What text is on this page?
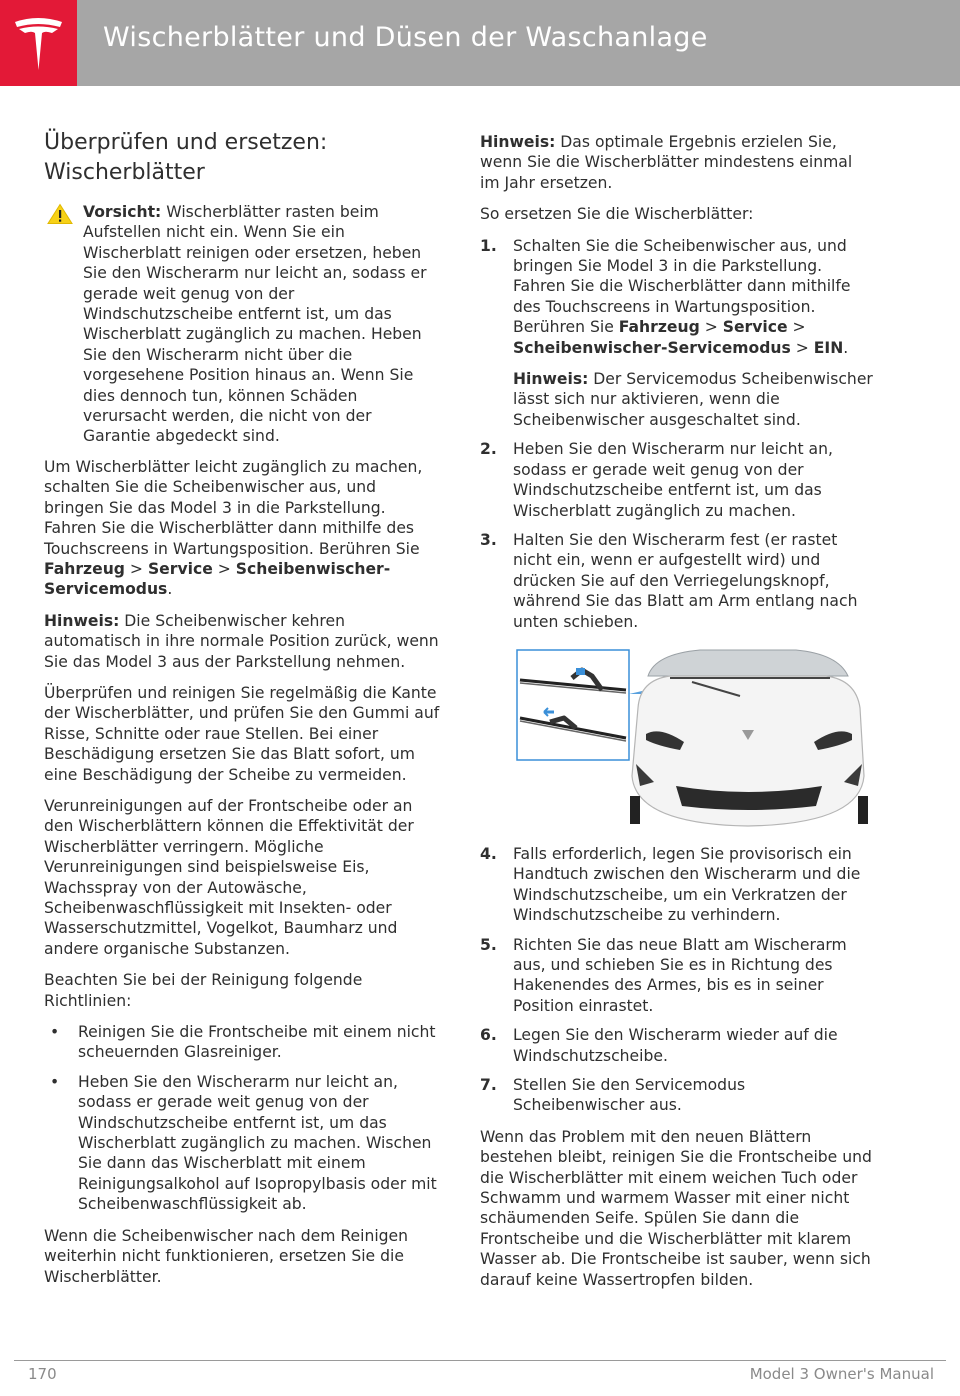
Wischerblätter und Düsen der Waschanlage
Überprüfen und ersetzen: Wischerblätter
Vorsicht: Wischerblätter rasten beim Aufstellen nicht ein. Wenn Sie ein Wischerblatt reinigen oder ersetzen, heben Sie den Wischerarm nur leicht an, sodass er gerade weit genug von der Windschutzscheibe entfernt ist, um das Wischerblatt zugänglich zu machen. Heben Sie den Wischerarm nicht über die vorgesehene Position hinaus an. Wenn Sie dies dennoch tun, können Schäden verursacht werden, die nicht von der Garantie abgedeckt sind.

Um Wischerblätter leicht zugänglich zu machen, schalten Sie die Scheibenwischer aus, und bringen Sie das Model 3 in die Parkstellung. Fahren Sie die Wischerblätter dann mithilfe des Touchscreens in Wartungsposition. Berühren Sie Fahrzeug > Service > Scheibenwischer-Servicemodus.

Hinweis: Die Scheibenwischer kehren automatisch in ihre normale Position zurück, wenn Sie das Model 3 aus der Parkstellung nehmen.

Überprüfen und reinigen Sie regelmäßig die Kante der Wischerblätter, und prüfen Sie den Gummi auf Risse, Schnitte oder raue Stellen. Bei einer Beschädigung ersetzen Sie das Blatt sofort, um eine Beschädigung der Scheibe zu vermeiden.

Verunreinigungen auf der Frontscheibe oder an den Wischerblättern können die Effektivität der Wischerblätter verringern. Mögliche Verunreinigungen sind beispielsweise Eis, Wachsspray von der Autowäsche, Scheibenwaschflüssigkeit mit Insekten- oder Wasserschutzmittel, Vogelkot, Baumharz und andere organische Substanzen.

Beachten Sie bei der Reinigung folgende Richtlinien:

• Reinigen Sie die Frontscheibe mit einem nicht scheuernden Glasreiniger.
• Heben Sie den Wischerarm nur leicht an, sodass er gerade weit genug von der Windschutzscheibe entfernt ist, um das Wischerblatt zugänglich zu machen. Wischen Sie dann das Wischerblatt mit einem Reinigungsalkohol auf Isopropylbasis oder mit Scheibenwaschflüssigkeit ab.

Wenn die Scheibenwischer nach dem Reinigen weiterhin nicht funktionieren, ersetzen Sie die Wischerblätter.

Hinweis: Das optimale Ergebnis erzielen Sie, wenn Sie die Wischerblätter mindestens einmal im Jahr ersetzen.

So ersetzen Sie die Wischerblätter:

1. Schalten Sie die Scheibenwischer aus, und bringen Sie Model 3 in die Parkstellung. Fahren Sie die Wischerblätter dann mithilfe des Touchscreens in Wartungsposition. Berühren Sie Fahrzeug > Service > Scheibenwischer-Servicemodus > EIN.

Hinweis: Der Servicemodus Scheibenwischer lässt sich nur aktivieren, wenn die Scheibenwischer ausgeschaltet sind.

2. Heben Sie den Wischerarm nur leicht an, sodass er gerade weit genug von der Windschutzscheibe entfernt ist, um das Wischerblatt zugänglich zu machen.
3. Halten Sie den Wischerarm fest (er rastet nicht ein, wenn er aufgestellt wird) und drücken Sie auf den Verriegelungsknopf, während Sie das Blatt am Arm entlang nach unten schieben.
4. Falls erforderlich, legen Sie provisorisch ein Handtuch zwischen den Wischerarm und die Windschutzscheibe, um ein Verkratzen der Windschutzscheibe zu verhindern.
5. Richten Sie das neue Blatt am Wischerarm aus, und schieben Sie es in Richtung des Hakenendes des Armes, bis es in seiner Position einrastet.
6. Legen Sie den Wischerarm wieder auf die Windschutzscheibe.
7. Stellen Sie den Servicemodus Scheibenwischer aus.

Wenn das Problem mit den neuen Blättern bestehen bleibt, reinigen Sie die Frontscheibe und die Wischerblätter mit einem weichen Tuch oder Schwamm und warmem Wasser mit einer nicht schäumenden Seife. Spülen Sie dann die Frontscheibe und die Wischerblätter mit klarem Wasser ab. Die Frontscheibe ist sauber, wenn sich darauf keine Wassertropfen bilden.

170	Model 3 Owner's Manual
